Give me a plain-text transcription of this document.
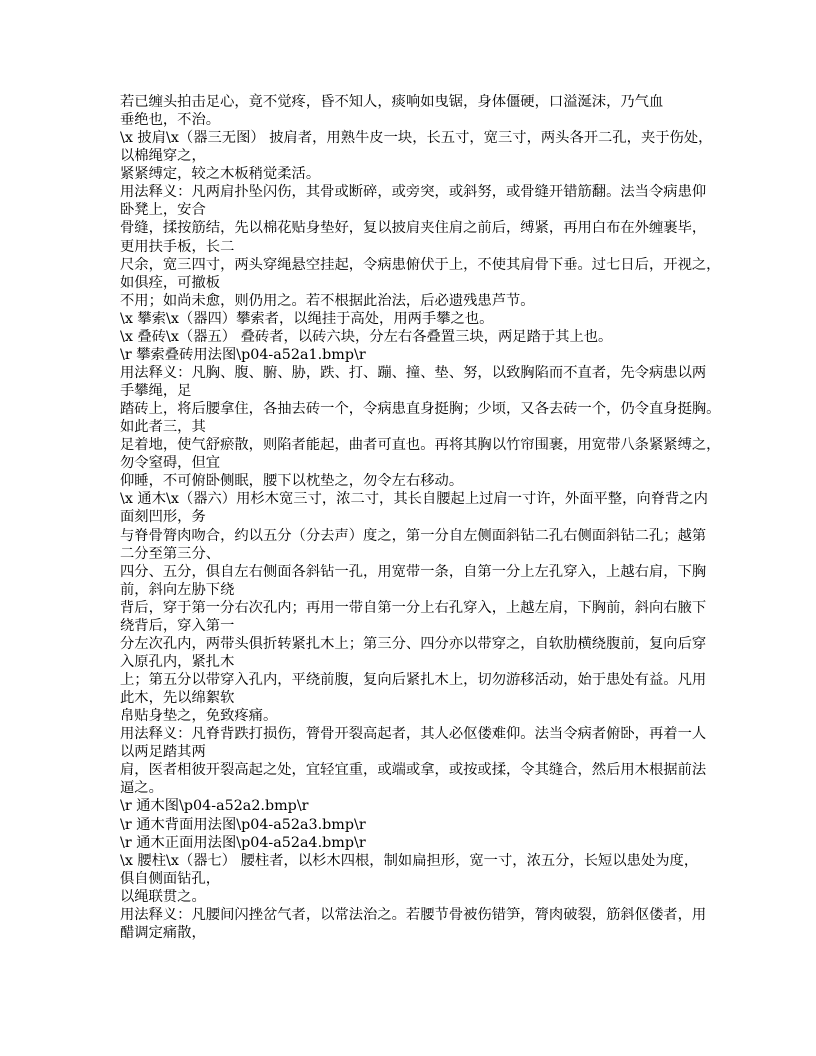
若已缠头拍击足心，竟不觉疼，昏不知人，痰响如曳锯，身体僵硬，口溢涎沫，乃气血
垂绝也，不治。
\x 披肩\x（器三无图） 披肩者，用熟牛皮一块，长五寸，宽三寸，两头各开二孔，夹于伤处，
以棉绳穿之，
紧紧缚定，较之木板稍觉柔活。
用法释义：凡两肩扑坠闪伤，其骨或断碎，或旁突，或斜努，或骨缝开错筋翻。法当令病患仰
卧凳上，安合
骨缝，揉按筋结，先以棉花贴身垫好，复以披肩夹住肩之前后，缚紧，再用白布在外缠裹毕，
更用扶手板，长二
尺余，宽三四寸，两头穿绳悬空挂起，令病患俯伏于上，不使其肩骨下垂。过七日后，开视之，
如俱痊，可撤板
不用；如尚未愈，则仍用之。若不根据此治法，后必遗残患芦节。
\x 攀索\x（器四）攀索者，以绳挂于高处，用两手攀之也。
\x 叠砖\x（器五） 叠砖者，以砖六块，分左右各叠置三块，两足踏于其上也。
\r 攀索叠砖用法图\p04-a52a1.bmp\r
用法释义：凡胸、腹、腑、胁，跌、打、蹦、撞、垫、努，以致胸陷而不直者，先令病患以两
手攀绳，足
踏砖上，将后腰拿住，各抽去砖一个，令病患直身挺胸；少顷，又各去砖一个，仍令直身挺胸。
如此者三，其
足着地，使气舒瘀散，则陷者能起，曲者可直也。再将其胸以竹帘围裹，用宽带八条紧紧缚之，
勿令窒碍，但宜
仰睡，不可俯卧侧眠，腰下以枕垫之，勿令左右移动。
\x 通木\x（器六）用杉木宽三寸，浓二寸，其长自腰起上过肩一寸许，外面平整，向脊背之内
面刻凹形，务
与脊骨膂肉吻合，约以五分（分去声）度之，第一分自左侧面斜钻二孔右侧面斜钻二孔；越第
二分至第三分、
四分、五分，俱自左右侧面各斜钻一孔，用宽带一条，自第一分上左孔穿入，上越右肩，下胸
前，斜向左胁下绕
背后，穿于第一分右次孔内；再用一带自第一分上右孔穿入，上越左肩，下胸前，斜向右腋下
绕背后，穿入第一
分左次孔内，两带头俱折转紧扎木上；第三分、四分亦以带穿之，自软肋横绕腹前，复向后穿
入原孔内，紧扎木
上；第五分以带穿入孔内，平绕前腹，复向后紧扎木上，切勿游移活动，始于患处有益。凡用
此木，先以绵絮软
帛贴身垫之，免致疼痛。
用法释义：凡脊背跌打损伤，膂骨开裂高起者，其人必伛偻难仰。法当令病者俯卧，再着一人
以两足踏其两
肩，医者相彼开裂高起之处，宜轻宜重，或端或拿，或按或揉，令其缝合，然后用木根据前法
逼之。
\r 通木图\p04-a52a2.bmp\r
\r 通木背面用法图\p04-a52a3.bmp\r
\r 通木正面用法图\p04-a52a4.bmp\r
\x 腰柱\x（器七） 腰柱者，以杉木四根，制如扁担形，宽一寸，浓五分，长短以患处为度，
俱自侧面钻孔，
以绳联贯之。
用法释义：凡腰间闪挫岔气者，以常法治之。若腰节骨被伤错笋，膂肉破裂，筋斜伛偻者，用
醋调定痛散，
